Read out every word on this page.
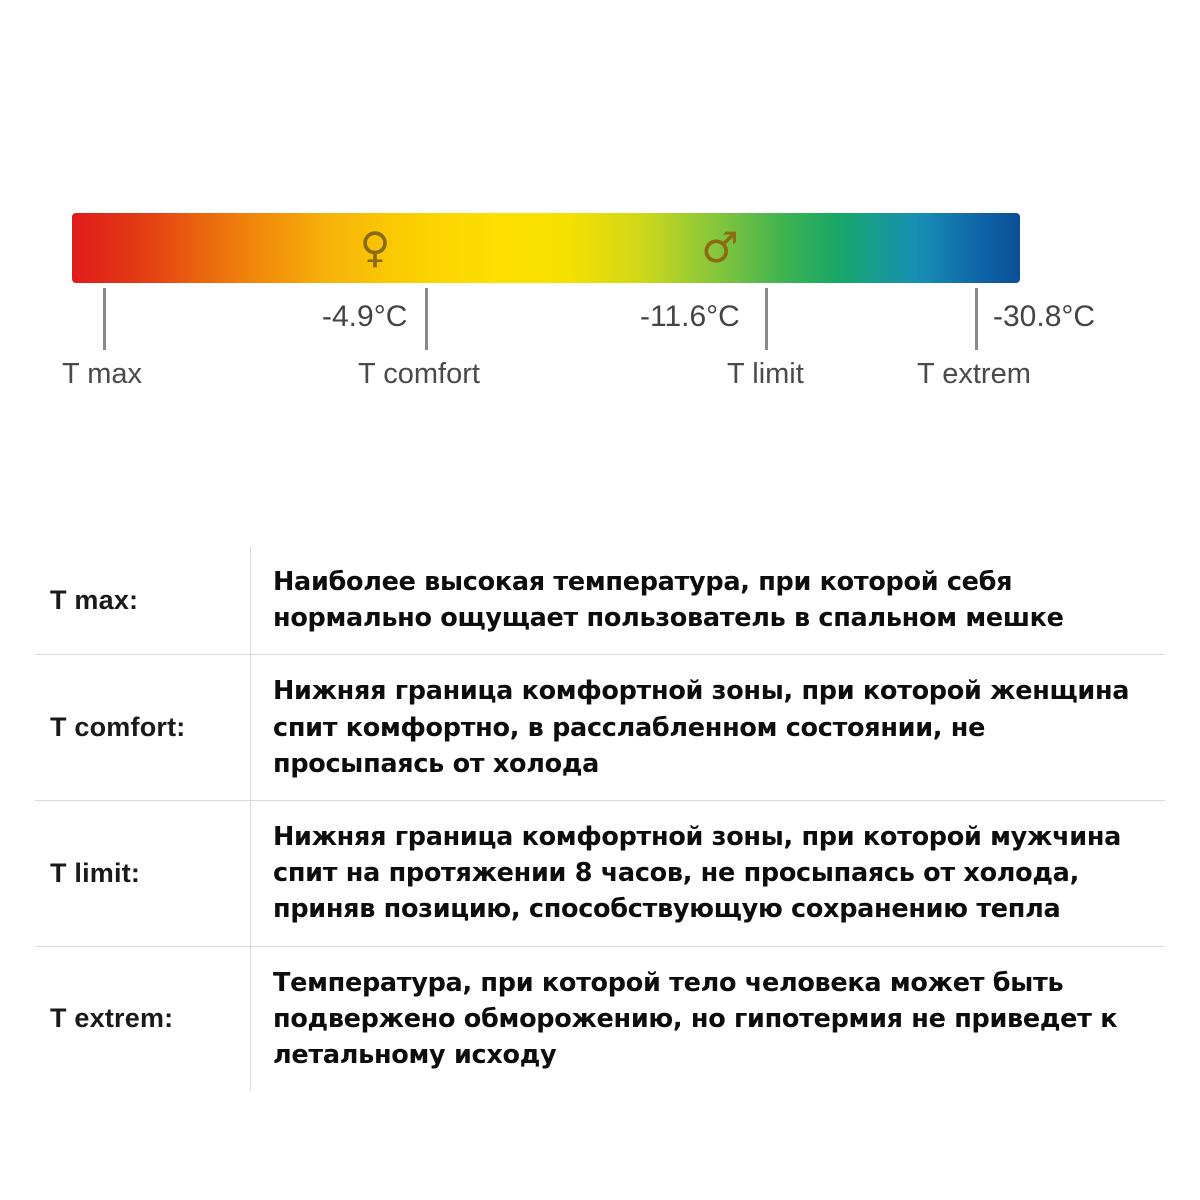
♀	♂
-4.9°C	-11.6°C	-30.8°C
T max	T comfort	T limit	T extrem
T max:
Наиболее высокая температура, при которой себя нормально ощущает пользователь в спальном мешке
T comfort:
Нижняя граница комфортной зоны, при которой женщина спит комфортно, в расслабленном состоянии, не просыпаясь от холода
T limit:
Нижняя граница комфортной зоны, при которой мужчина спит на протяжении 8 часов, не просыпаясь от холода, приняв позицию, способствующую сохранению тепла
T extrem:
Температура, при которой тело человека может быть подвержено обморожению, но гипотермия не приведет к летальному исходу
